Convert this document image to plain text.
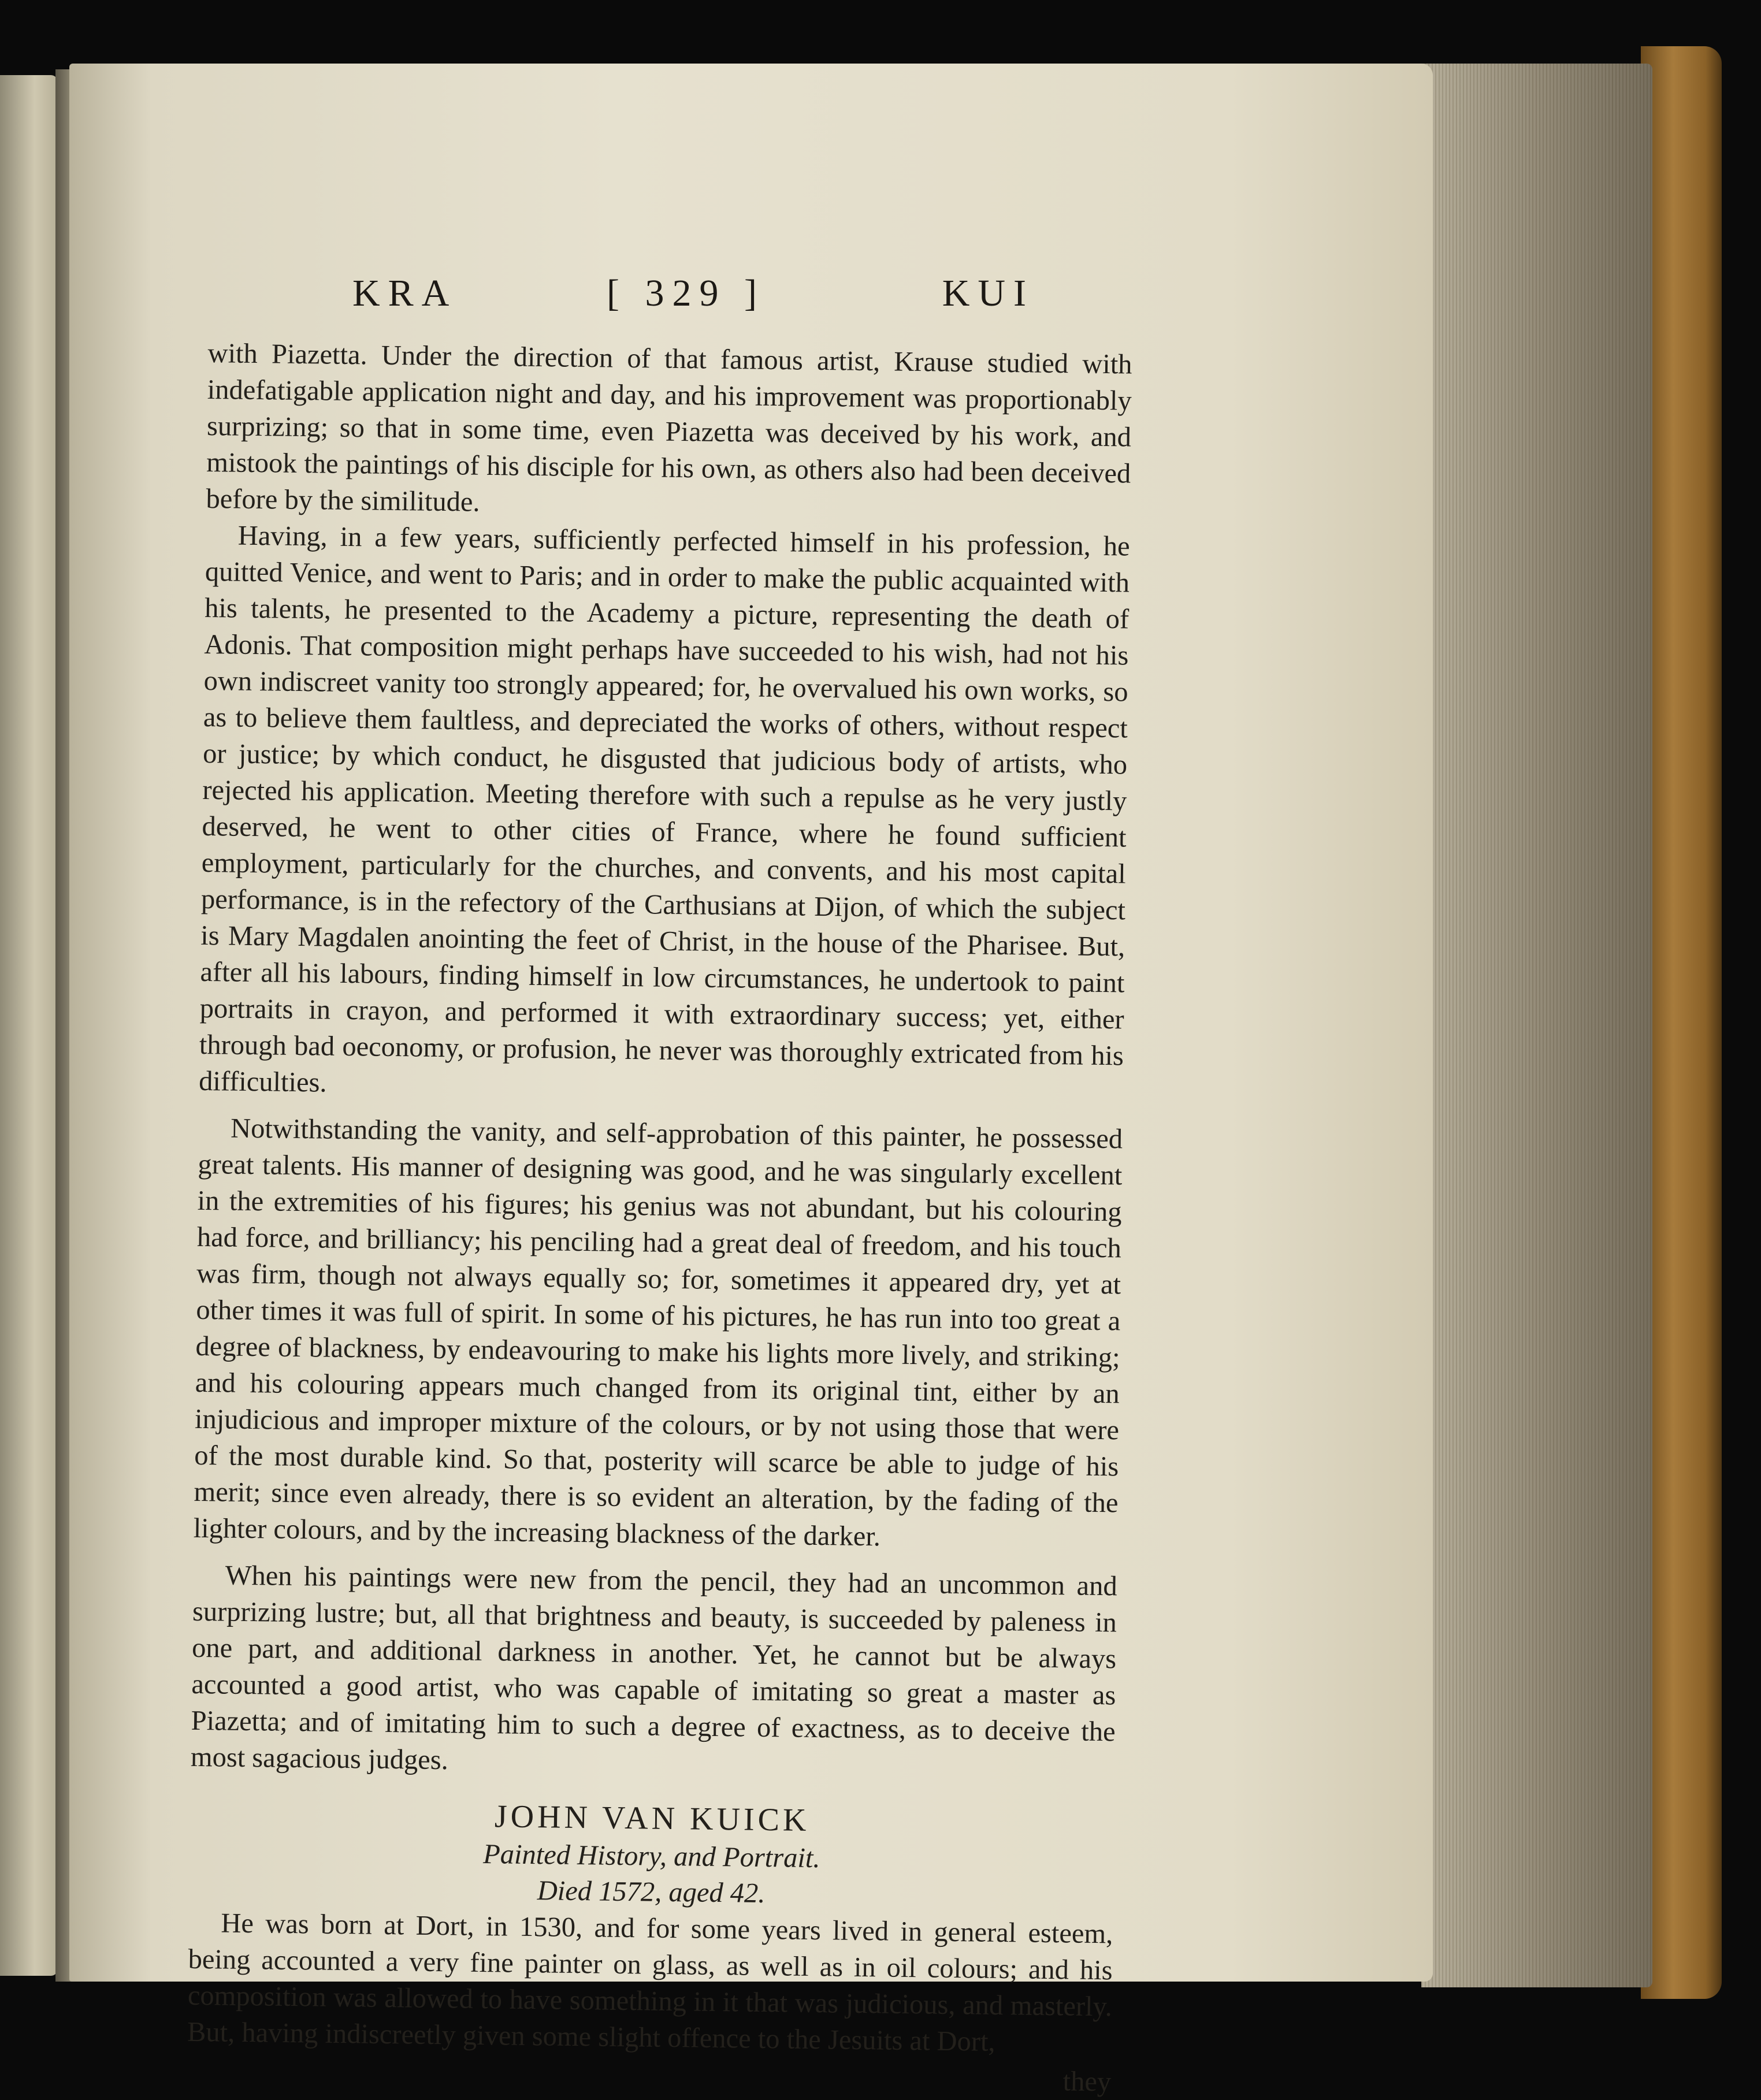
KRA	[ 329 ]	KUI

with Piazetta. Under the direction of that famous artist, Krause studied with indefatigable application night and day, and his improvement was proportionably surprizing; so that in some time, even Piazetta was deceived by his work, and mistook the paintings of his disciple for his own, as others also had been deceived before by the similitude.

Having, in a few years, sufficiently perfected himself in his profession, he quitted Venice, and went to Paris; and in order to make the public acquainted with his talents, he presented to the Academy a picture, representing the death of Adonis. That composition might perhaps have succeeded to his wish, had not his own indiscreet vanity too strongly appeared; for, he overvalued his own works, so as to believe them faultless, and depreciated the works of others, without respect or justice; by which conduct, he disgusted that judicious body of artists, who rejected his application. Meeting therefore with such a repulse as he very justly deserved, he went to other cities of France, where he found sufficient employment, particularly for the churches, and convents, and his most capital performance, is in the refectory of the Carthusians at Dijon, of which the subject is Mary Magdalen anointing the feet of Christ, in the house of the Pharisee. But, after all his labours, finding himself in low circumstances, he undertook to paint portraits in crayon, and performed it with extraordinary success; yet, either through bad oeconomy, or profusion, he never was thoroughly extricated from his difficulties.

Notwithstanding the vanity, and self-approbation of this painter, he possessed great talents. His manner of designing was good, and he was singularly excellent in the extremities of his figures; his genius was not abundant, but his colouring had force, and brilliancy; his penciling had a great deal of freedom, and his touch was firm, though not always equally so; for, sometimes it appeared dry, yet at other times it was full of spirit. In some of his pictures, he has run into too great a degree of blackness, by endeavouring to make his lights more lively, and striking; and his colouring appears much changed from its original tint, either by an injudicious and improper mixture of the colours, or by not using those that were of the most durable kind. So that, posterity will scarce be able to judge of his merit; since even already, there is so evident an alteration, by the fading of the lighter colours, and by the increasing blackness of the darker.

When his paintings were new from the pencil, they had an uncommon and surprizing lustre; but, all that brightness and beauty, is succeeded by paleness in one part, and additional darkness in another. Yet, he cannot but be always accounted a good artist, who was capable of imitating so great a master as Piazetta; and of imitating him to such a degree of exactness, as to deceive the most sagacious judges.

JOHN VAN KUICK
Painted History, and Portrait.
Died 1572, aged 42.

He was born at Dort, in 1530, and for some years lived in general esteem, being accounted a very fine painter on glass, as well as in oil colours; and his composition was allowed to have something in it that was judicious, and masterly. But, having indiscreetly given some slight offence to the Jesuits at Dort,

they
